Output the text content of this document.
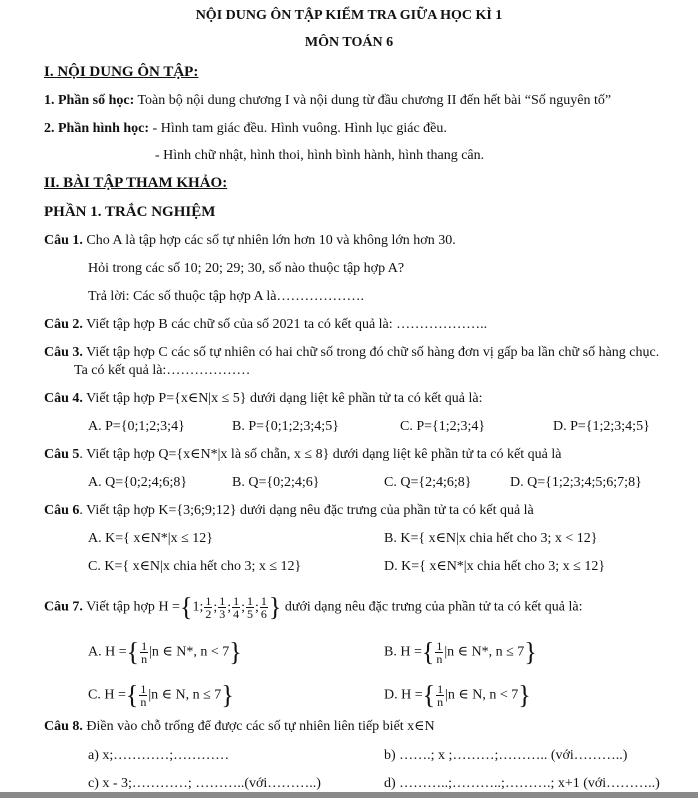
NỘI DUNG ÔN TẬP KIỂM TRA GIỮA HỌC KÌ 1
MÔN TOÁN 6
I. NỘI DUNG ÔN TẬP:
1. Phần số học: Toàn bộ nội dung chương I và nội dung từ đầu chương II đến hết bài “Số nguyên tố”
2. Phần hình học: - Hình tam giác đều. Hình vuông. Hình lục giác đều.
- Hình chữ nhật, hình thoi, hình bình hành, hình thang cân.
II. BÀI TẬP THAM KHẢO:
PHẦN 1. TRẮC NGHIỆM
Câu 1. Cho A là tập hợp các số tự nhiên lớn hơn 10 và không lớn hơn 30.
Hỏi trong các số 10; 20; 29; 30, số nào thuộc tập hợp A?
Trả lời: Các số thuộc tập hợp A là……………….
Câu 2. Viết tập hợp B các chữ số của số 2021 ta có kết quả là: ………………..
Câu 3. Viết tập hợp C các số tự nhiên có hai chữ số trong đó chữ số hàng đơn vị gấp ba lần chữ số hàng chục.
Ta có kết quả là:………………
Câu 4. Viết tập hợp P={x∈N|x ≤ 5} dưới dạng liệt kê phần tử ta có kết quả là:
A. P={0;1;2;3;4}	B. P={0;1;2;3;4;5}	C. P={1;2;3;4}	D. P={1;2;3;4;5}
Câu 5. Viết tập hợp Q={x∈N*|x là số chẵn, x ≤ 8} dưới dạng liệt kê phần tử ta có kết quả là
A. Q={0;2;4;6;8}	B. Q={0;2;4;6}	C. Q={2;4;6;8}	D. Q={1;2;3;4;5;6;7;8}
Câu 6. Viết tập hợp K={3;6;9;12} dưới dạng nêu đặc trưng của phần tử ta có kết quả là
A. K={ x∈N*|x ≤ 12}	B. K={ x∈N|x chia hết cho 3; x < 12}
C. K={ x∈N|x chia hết cho 3; x ≤ 12}	D. K={ x∈N*|x chia hết cho 3; x ≤ 12}
Câu 7. Viết tập hợp H ={1; $\frac{1}{2}$ ; $\frac{1}{3}$ ; $\frac{1}{4}$ ; $\frac{1}{5}$ ; $\frac{1}{6}$ } dưới dạng nêu đặc trưng của phần tử ta có kết quả là:
A. H ={ $\frac{1}{n} |n$ ∈ N*, n < 7}	B. H ={ $\frac{1}{n} |n$ ∈ N*, n ≤ 7}
C. H ={ $\frac{1}{n} |n$ ∈ N, n ≤ 7}	D. H ={ $\frac{1}{n} |n$ ∈ N, n < 7}
Câu 8. Điền vào chỗ trống để được các số tự nhiên liên tiếp biết x∈N
a) x;…………;…………	b) …….; x ;………;……….. (với………..)
c) x - 3;…………; ………..(với………..)	d) ………..;………..;……….; x+1 (với………..)
